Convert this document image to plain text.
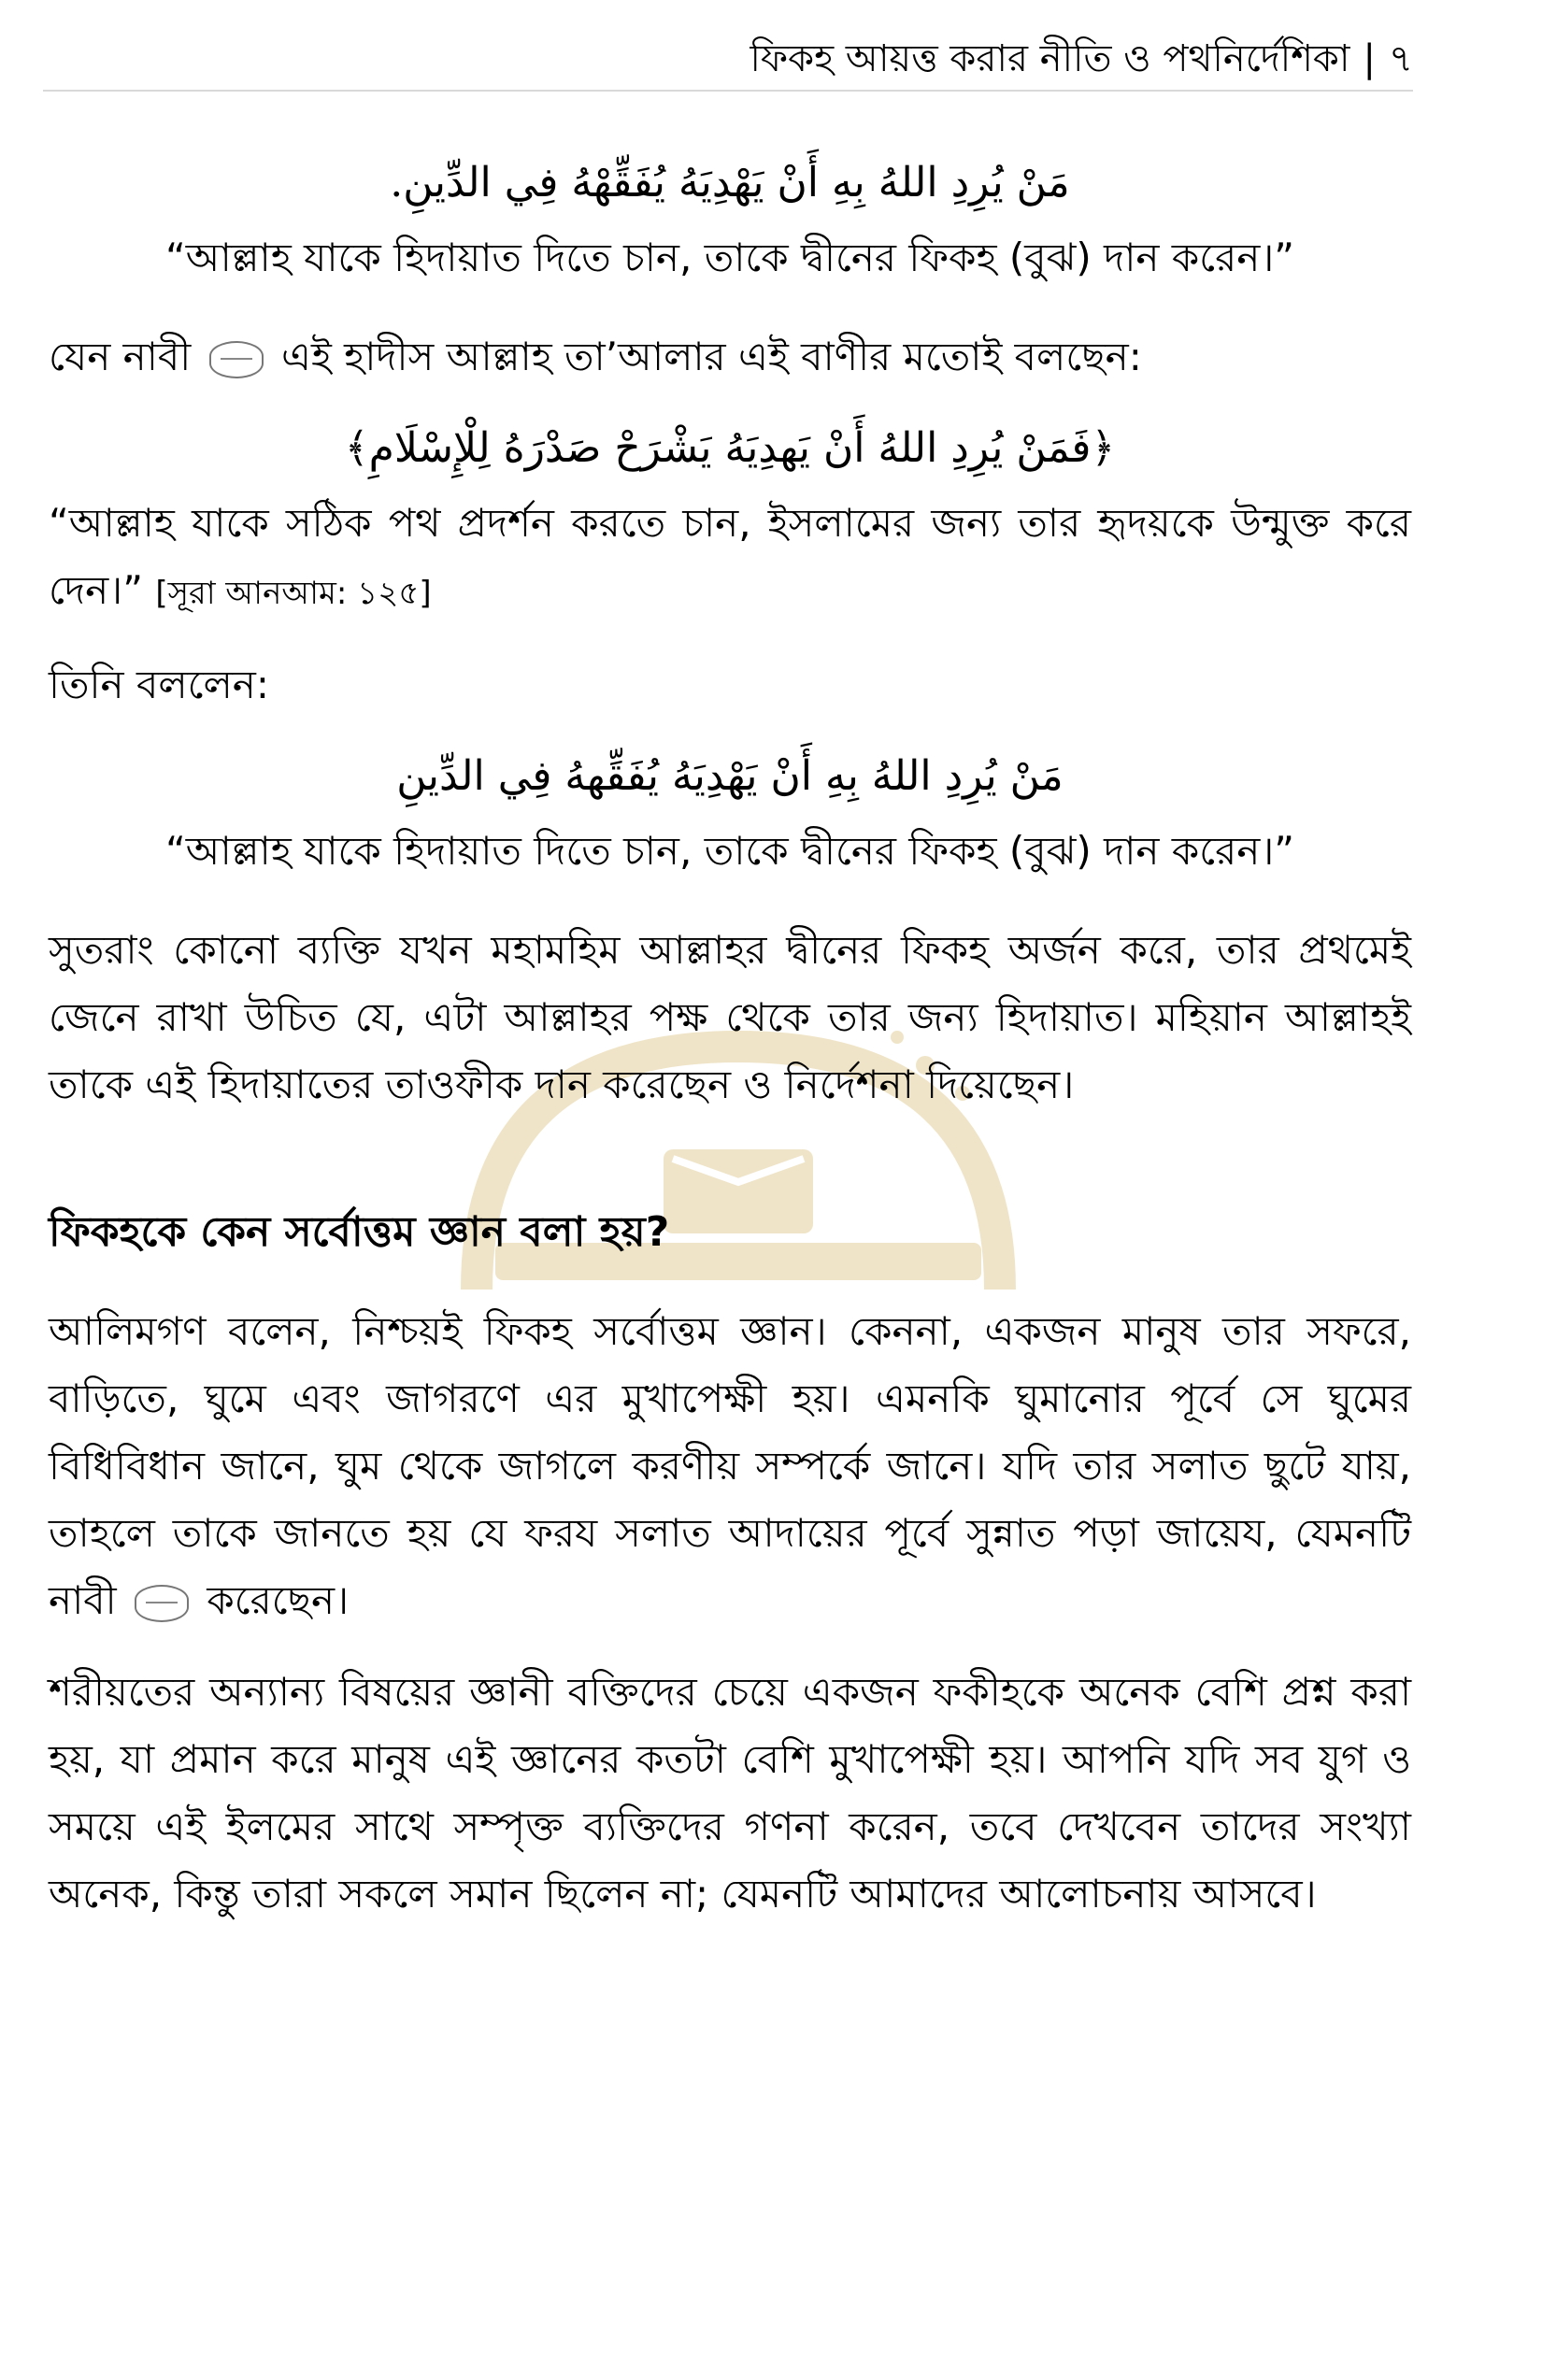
ফিকহ আয়ত্ত করার নীতি ও পথনির্দেশিকা | ৭
مَنْ يُرِدِ اللهُ بِهِ أَنْ يَهْدِيَهُ يُفَقِّهْهُ فِي الدِّينِ.
“আল্লাহ যাকে হিদায়াত দিতে চান, তাকে দ্বীনের ফিকহ (বুঝ) দান করেন।”
যেন নাবী এই হাদীস আল্লাহ তা’আলার এই বাণীর মতোই বলছেন:
﴿فَمَنْ يُرِدِ اللهُ أَنْ يَهدِيَهُ يَشْرَحْ صَدْرَهُ لِلْإِسْلَامِ﴾
“আল্লাহ যাকে সঠিক পথ প্রদর্শন করতে চান, ইসলামের জন্য তার হৃদয়কে উন্মুক্ত করে দেন।” [সূরা আনআম: ১২৫]
তিনি বললেন:
مَنْ يُرِدِ اللهُ بِهِ أَنْ يَهْدِيَهُ يُفَقِّههُ فِي الدِّينِ
“আল্লাহ যাকে হিদায়াত দিতে চান, তাকে দ্বীনের ফিকহ (বুঝ) দান করেন।”
সুতরাং কোনো ব্যক্তি যখন মহামহিম আল্লাহর দ্বীনের ফিকহ অর্জন করে, তার প্রথমেই জেনে রাখা উচিত যে, এটা আল্লাহর পক্ষ থেকে তার জন্য হিদায়াত। মহিয়ান আল্লাহই তাকে এই হিদায়াতের তাওফীক দান করেছেন ও নির্দেশনা দিয়েছেন।
ফিকহকে কেন সর্বোত্তম জ্ঞান বলা হয়?
আলিমগণ বলেন, নিশ্চয়ই ফিকহ সর্বোত্তম জ্ঞান। কেননা, একজন মানুষ তার সফরে, বাড়িতে, ঘুমে এবং জাগরণে এর মুখাপেক্ষী হয়। এমনকি ঘুমানোর পূর্বে সে ঘুমের বিধিবিধান জানে, ঘুম থেকে জাগলে করণীয় সম্পর্কে জানে। যদি তার সলাত ছুটে যায়, তাহলে তাকে জানতে হয় যে ফরয সলাত আদায়ের পূর্বে সুন্নাত পড়া জায়েয, যেমনটি নাবী করেছেন।
শরীয়তের অন্যান্য বিষয়ের জ্ঞানী বক্তিদের চেয়ে একজন ফকীহকে অনেক বেশি প্রশ্ন করা হয়, যা প্রমান করে মানুষ এই জ্ঞানের কতটা বেশি মুখাপেক্ষী হয়। আপনি যদি সব যুগ ও সময়ে এই ইলমের সাথে সম্পৃক্ত ব্যক্তিদের গণনা করেন, তবে দেখবেন তাদের সংখ্যা অনেক, কিন্তু তারা সকলে সমান ছিলেন না; যেমনটি আমাদের আলোচনায় আসবে।
